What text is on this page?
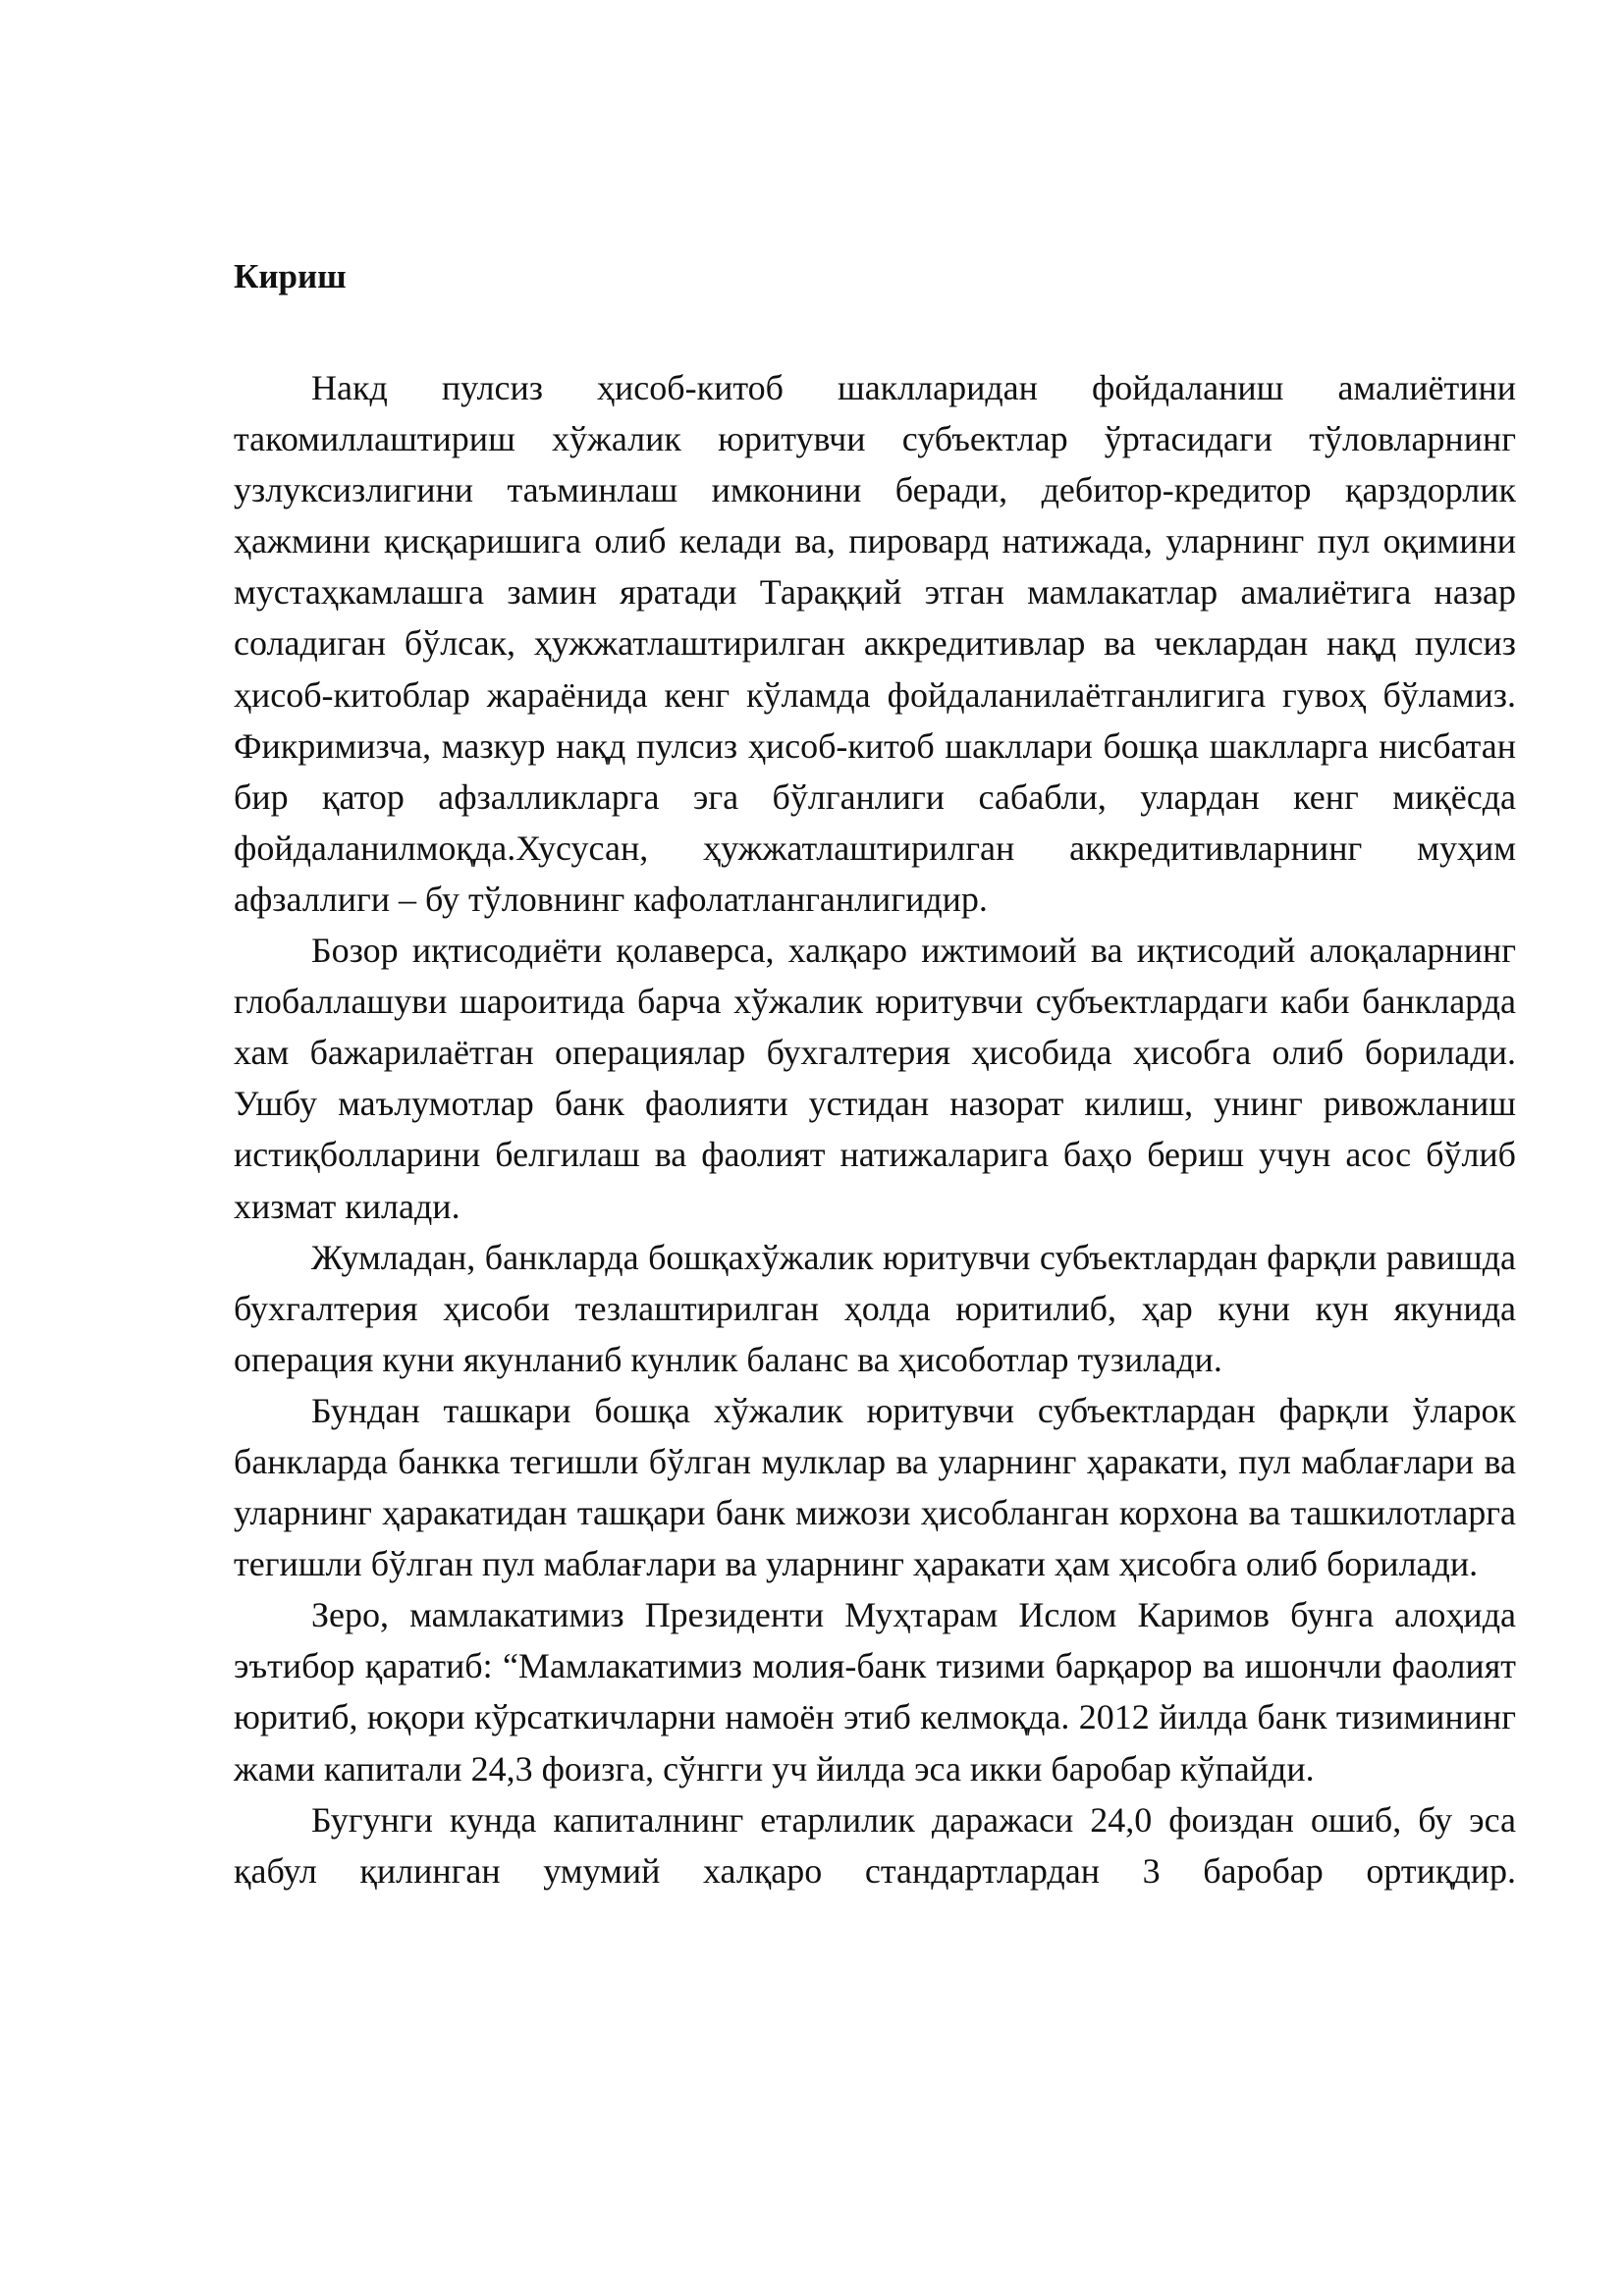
Кириш

Накд пулсиз ҳисоб-китоб шаклларидан фойдаланиш амалиётини такомиллаштириш хўжалик юритувчи субъектлар ўртасидаги тўловларнинг узлуксизлигини таъминлаш имконини беради, дебитор-кредитор қарздорлик ҳажмини қисқаришига олиб келади ва, пировард натижада, уларнинг пул оқимини мустаҳкамлашга замин яратади Тараққий этган мамлакатлар амалиётига назар соладиган бўлсак, ҳужжатлаштирилган аккредитивлар ва чеклардан нақд пулсиз ҳисоб-китоблар жараёнида кенг кўламда фойдаланилаётганлигига гувоҳ бўламиз. Фикримизча, мазкур нақд пулсиз ҳисоб-китоб шакллари бошқа шаклларга нисбатан бир қатор афзалликларга эга бўлганлиги сабабли, улардан кенг миқёсда фойдаланилмоқда.Хусусан, ҳужжатлаштирилган аккредитивларнинг муҳим афзаллиги – бу тўловнинг кафолатланганлигидир.

Бозор иқтисодиёти қолаверса, халқаро ижтимоий ва иқтисодий алоқаларнинг глобаллашуви шароитида барча хўжалик юритувчи субъектлардаги каби банкларда хам бажарилаётган операциялар бухгалтерия ҳисобида ҳисобга олиб борилади. Ушбу маълумотлар банк фаолияти устидан назорат килиш, унинг ривожланиш истиқболларини белгилаш ва фаолият натижаларига баҳо бериш учун асос бўлиб хизмат килади.

Жумладан, банкларда бошқахўжалик юритувчи субъектлардан фарқли равишда бухгалтерия ҳисоби тезлаштирилган ҳолда юритилиб, ҳар куни кун якунида операция куни якунланиб кунлик баланс ва ҳисоботлар тузилади.

Бундан ташкари бошқа хўжалик юритувчи субъектлардан фарқли ўларок банкларда банкка тегишли бўлган мулклар ва уларнинг ҳаракати, пул маблағлари ва уларнинг ҳаракатидан ташқари банк мижози ҳисобланган корхона ва ташкилотларга тегишли бўлган пул маблағлари ва уларнинг ҳаракати ҳам ҳисобга олиб борилади.

Зеро, мамлакатимиз Президенти Муҳтарам Ислом Каримов бунга алоҳида эътибор қаратиб: “Мамлакатимиз молия-банк тизими барқарор ва ишончли фаолият юритиб, юқори кўрсаткичларни намоён этиб келмоқда. 2012 йилда банк тизимининг жами капитали 24,3 фоизга, сўнгги уч йилда эса икки баробар кўпайди.

Бугунги кунда капиталнинг етарлилик даражаси 24,0 фоиздан ошиб, бу эса қабул қилинган умумий халқаро стандартлардан 3 баробар ортиқдир.
